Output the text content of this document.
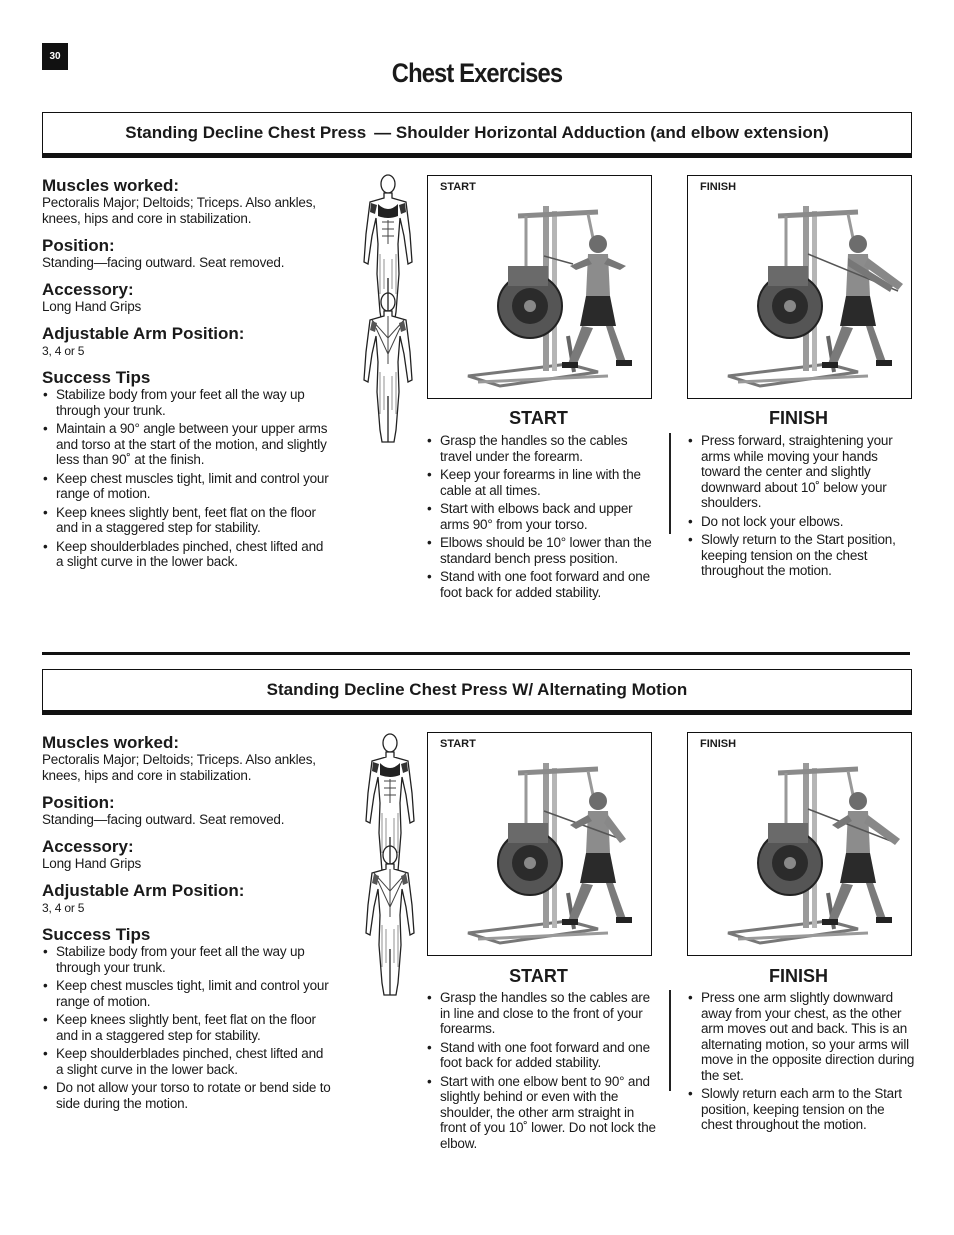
30
Chest Exercises
Standing Decline Chest Press — Shoulder Horizontal Adduction (and elbow extension)

Muscles worked:

Pectoralis Major; Deltoids; Triceps. Also ankles, knees, hips and core in stabilization.

Position:

Standing—facing outward. Seat removed.

Accessory:

Long Hand Grips

Adjustable Arm Position:

3, 4 or 5

Success Tips

• Stabilize body from your feet all the way up through your trunk.
• Maintain a 90° angle between your upper arms and torso at the start of the motion, and slightly less than 90˚ at the finish.
• Keep chest muscles tight, limit and control your range of motion.
• Keep knees slightly bent, feet flat on the floor and in a staggered step for stability.
• Keep shoulderblades pinched, chest lifted and a slight curve in the lower back.
START	FINISH
START	FINISH
• Grasp the handles so the cables travel under the forearm.
• Keep your forearms in line with the cable at all times.
• Start with elbows back and upper arms 90° from your torso.
• Elbows should be 10° lower than the standard bench press position.
• Stand with one foot forward and one foot back for added stability.
• Press forward, straightening your arms while moving your hands toward the center and slightly downward about 10˚ below your shoulders.
• Do not lock your elbows.
• Slowly return to the Start position, keeping tension on the chest throughout the motion.
Standing Decline Chest Press W/ Alternating Motion

Muscles worked:

Pectoralis Major; Deltoids; Triceps. Also ankles, knees, hips and core in stabilization.

Position:

Standing—facing outward. Seat removed.

Accessory:

Long Hand Grips

Adjustable Arm Position:

3, 4 or 5

Success Tips

• Stabilize body from your feet all the way up through your trunk.
• Keep chest muscles tight, limit and control your range of motion.
• Keep knees slightly bent, feet flat on the floor and in a staggered step for stability.
• Keep shoulderblades pinched, chest lifted and a slight curve in the lower back.
• Do not allow your torso to rotate or bend side to side during the motion.
START	FINISH
START	FINISH
• Grasp the handles so the cables are in line and close to the front of your forearms.
• Stand with one foot forward and one foot back for added stability.
• Start with one elbow bent to 90° and slightly behind or even with the shoulder, the other arm straight in front of you 10˚ lower. Do not lock the elbow.
• Press one arm slightly downward away from your chest, as the other arm moves out and back. This is an alternating motion, so your arms will move in the opposite direction during the set.
• Slowly return each arm to the Start position, keeping tension on the chest throughout the motion.
